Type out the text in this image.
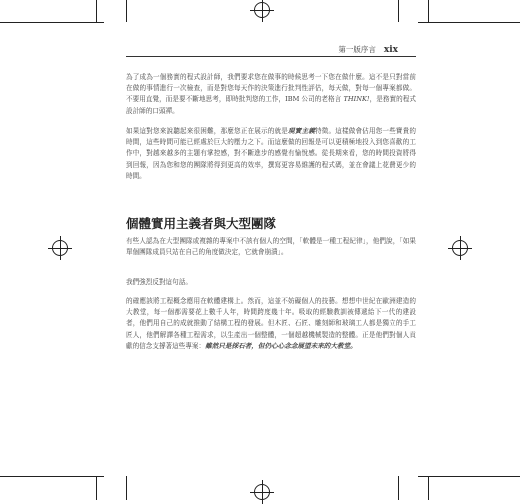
第一版序言 xix
為了成為一個務實的程式設計師，我們要求您在做事的時候思考一下您在做什麼。這不是只對當前在做的事情進行一次檢查，而是對您每天作的決策進行批判性評估，每天做，對每一個專案都做。不要用直覺，而是要不斷地思考，即時批判您的工作，IBM 公司的老格言 THINK!，是務實的程式設計師的口頭禪。
如果這對您來說聽起來很困難，那麼您正在展示的就是現實主義特徵。這樣做會佔用您一些寶貴的時間，這些時間可能已經處於巨大的壓力之下。而這麼做的回報是可以更積極地投入到您喜歡的工作中，對越來越多的主題有掌控感，對不斷進步的感覺有愉悅感。從長期來看，您的時間投資將得到回報，因為您和您的團隊將得到更高的效率，撰寫更容易維護的程式碼，並在會議上花費更少的時間。
個體實用主義者與大型團隊
有些人認為在大型團隊或複雜的專案中不該有個人的空間，「軟體是一種工程紀律」，他們說，「如果單個團隊成員只站在自己的角度做決定，它就會崩潰」。
我們強烈反對這句話。
的確應該將工程概念應用在軟體建構上。然而，這並不妨礙個人的技藝。想想中世紀在歐洲建造的大教堂，每一個都需要花上數千人年，時間跨度幾十年。吸取的經驗教訓被傳遞給下一代的建設者，他們用自己的成就推動了結構工程的發展。但木匠、石匠、雕刻師和玻璃工人都是獨立的手工匠人，他們解譯各種工程需求，以生產出一個整體，一個超越機械製造的整體。正是他們對個人貢獻的信念支撐著這些專案：雖然只是採石者，但仍心心念念展望未來的大教堂。
